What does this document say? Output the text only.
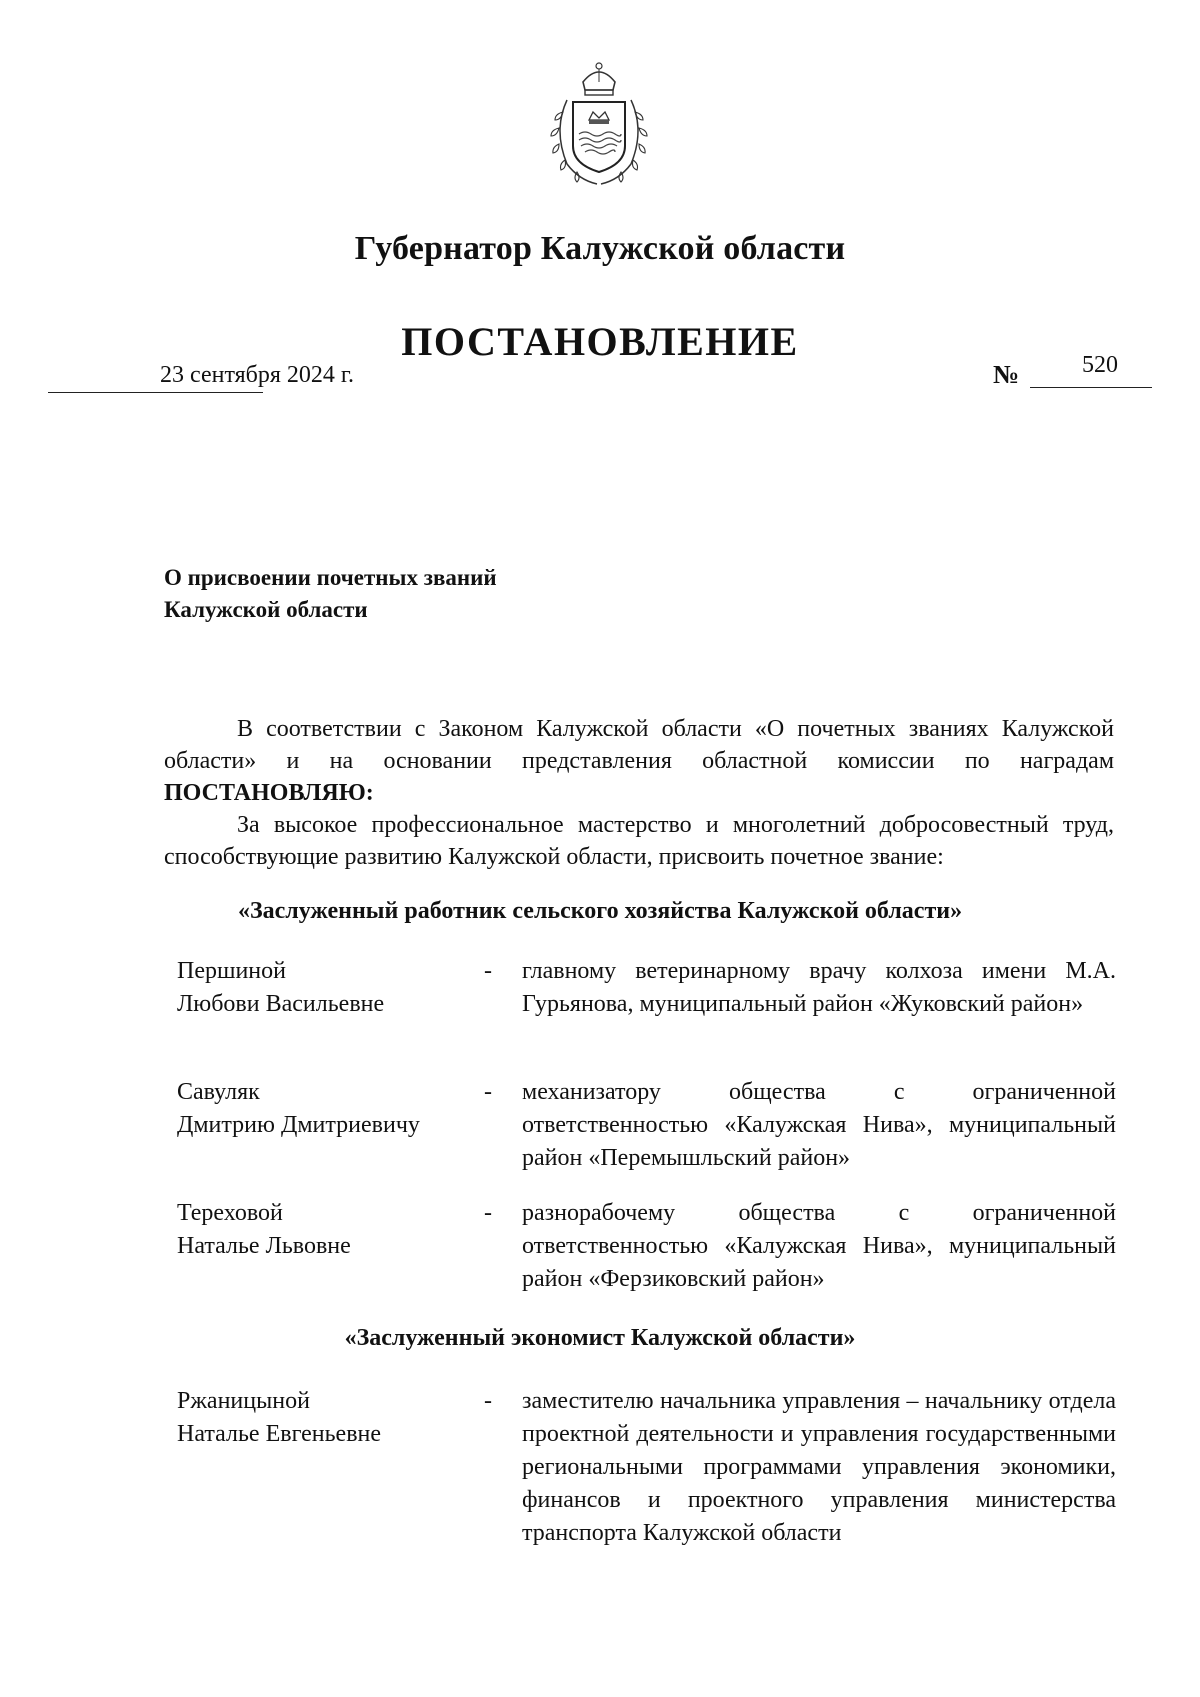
Губернатор Калужской области
ПОСТАНОВЛЕНИЕ
23 сентября 2024 г.	№	520
О присвоении почетных званий
Калужской области
В соответствии с Законом Калужской области «О почетных званиях Калужской области» и на основании представления областной комиссии по наградам ПОСТАНОВЛЯЮ:
За высокое профессиональное мастерство и многолетний добросовестный труд, способствующие развитию Калужской области, присвоить почетное звание:
«Заслуженный работник сельского хозяйства Калужской области»
Першиной
Любови Васильевне
- главному ветеринарному врачу колхоза имени М.А. Гурьянова, муниципальный район «Жуковский район»
Савуляк
Дмитрию Дмитриевичу
- механизатору общества с ограниченной ответственностью «Калужская Нива», муниципальный район «Перемышльский район»
Тереховой
Наталье Львовне
- разнорабочему общества с ограниченной ответственностью «Калужская Нива», муниципальный район «Ферзиковский район»
«Заслуженный экономист Калужской области»
Ржаницыной
Наталье Евгеньевне
- заместителю начальника управления – начальнику отдела проектной деятельности и управления государственными региональными программами управления экономики, финансов и проектного управления министерства транспорта Калужской области
